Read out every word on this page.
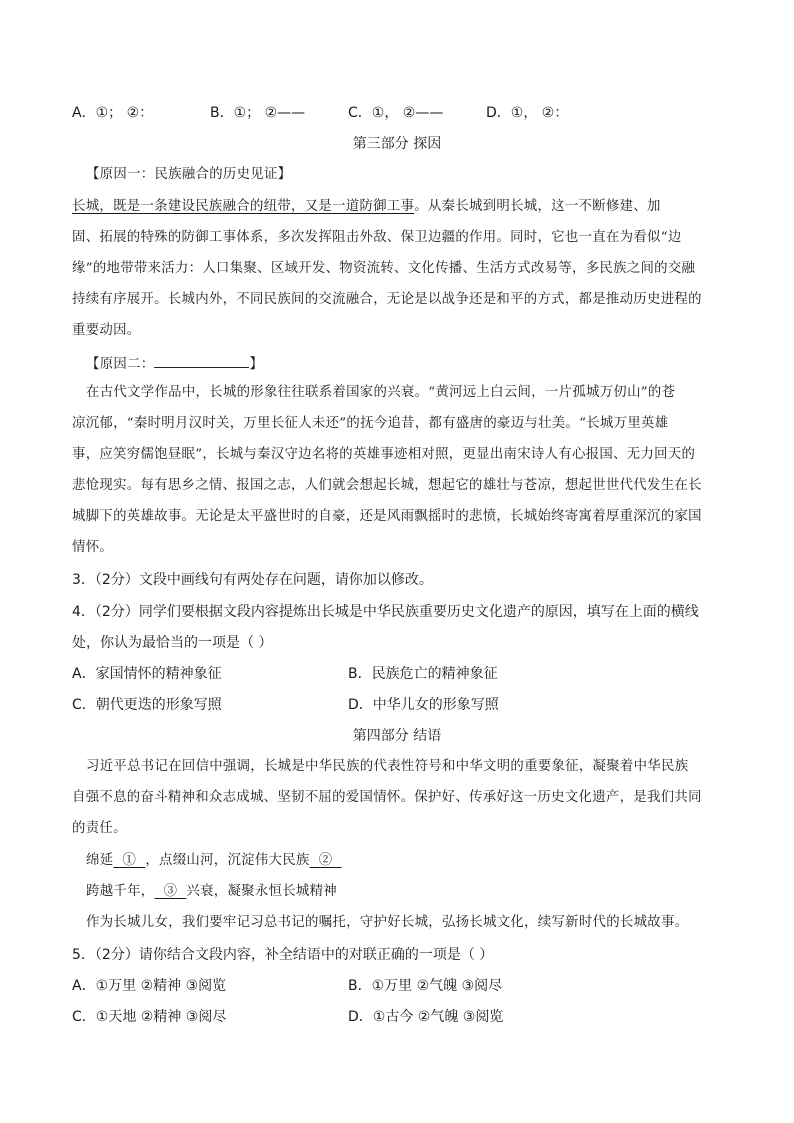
A．①； ②：	B．①； ②——	C．①， ②——	D．①， ②：
第三部分 探因
【原因一：民族融合的历史见证】
长城，既是一条建设民族融合的纽带，又是一道防御工事。从秦长城到明长城，这一不断修建、加
固、拓展的特殊的防御工事体系，多次发挥阻击外敌、保卫边疆的作用。同时，它也一直在为看似“边
缘”的地带带来活力：人口集聚、区域开发、物资流转、文化传播、生活方式改易等，多民族之间的交融
持续有序展开。长城内外，不同民族间的交流融合，无论是以战争还是和平的方式，都是推动历史进程的
重要动因。
【原因二：	】
在古代文学作品中，长城的形象往往联系着国家的兴衰。“黄河远上白云间，一片孤城万仞山”的苍
凉沉郁，“秦时明月汉时关，万里长征人未还”的抚今追昔，都有盛唐的豪迈与壮美。“长城万里英雄
事，应笑穷儒饱昼眠”，长城与秦汉守边名将的英雄事迹相对照，更显出南宋诗人有心报国、无力回天的
悲怆现实。每有思乡之情、报国之志，人们就会想起长城，想起它的雄壮与苍凉，想起世世代代发生在长
城脚下的英雄故事。无论是太平盛世时的自豪，还是风雨飘摇时的悲愤，长城始终寄寓着厚重深沉的家国
情怀。
3．（2分）文段中画线句有两处存在问题，请你加以修改。
4．（2分）同学们要根据文段内容提炼出长城是中华民族重要历史文化遗产的原因，填写在上面的横线
处，你认为最恰当的一项是（ ）
A．家国情怀的精神象征	B．民族危亡的精神象征
C．朝代更迭的形象写照	D．中华儿女的形象写照
第四部分 结语
习近平总书记在回信中强调，长城是中华民族的代表性符号和中华文明的重要象征，凝聚着中华民族
自强不息的奋斗精神和众志成城、坚韧不屈的爱国情怀。保护好、传承好这一历史文化遗产，是我们共同
的责任。
绵延  ①  ，点缀山河，沉淀伟大民族  ②
跨越千年，  ③  兴衰，凝聚永恒长城精神
作为长城儿女，我们要牢记习总书记的嘱托，守护好长城，弘扬长城文化，续写新时代的长城故事。
5．（2分）请你结合文段内容，补全结语中的对联正确的一项是（ ）
A．①万里 ②精神 ③阅览	B．①万里 ②气魄 ③阅尽
C．①天地 ②精神 ③阅尽	D．①古今 ②气魄 ③阅览
